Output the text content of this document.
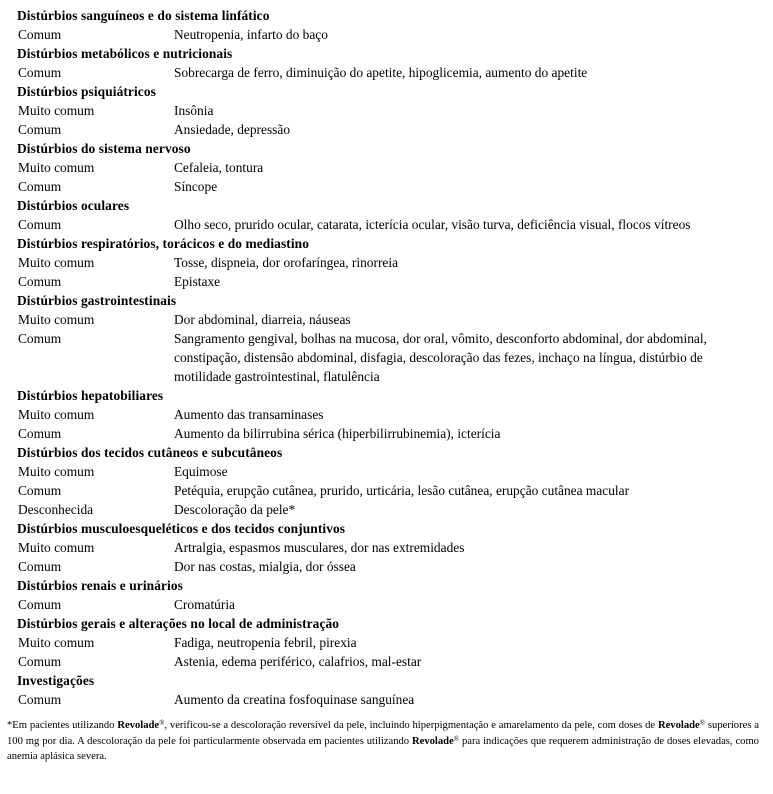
Distúrbios sanguíneos e do sistema linfático
Comum	Neutropenia, infarto do baço
Distúrbios metabólicos e nutricionais
Comum	Sobrecarga de ferro, diminuição do apetite, hipoglicemia, aumento do apetite
Distúrbios psiquiátricos
Muito comum	Insônia
Comum	Ansiedade, depressão
Distúrbios do sistema nervoso
Muito comum	Cefaleia, tontura
Comum	Síncope
Distúrbios oculares
Comum	Olho seco, prurido ocular, catarata, icterícia ocular, visão turva, deficiência visual, flocos vítreos
Distúrbios respiratórios, torácicos e do mediastino
Muito comum	Tosse, dispneia, dor orofaríngea, rinorreia
Comum	Epistaxe
Distúrbios gastrointestinais
Muito comum	Dor abdominal, diarreia, náuseas
Comum	Sangramento gengival, bolhas na mucosa, dor oral, vômito, desconforto abdominal, dor abdominal, constipação, distensão abdominal, disfagia, descoloração das fezes, inchaço na língua, distúrbio de motilidade gastrointestinal, flatulência
Distúrbios hepatobiliares
Muito comum	Aumento das transaminases
Comum	Aumento da bilirrubina sérica (hiperbilirrubinemia), icterícia
Distúrbios dos tecidos cutâneos e subcutâneos
Muito comum	Equimose
Comum	Petéquia, erupção cutânea, prurido, urticária, lesão cutânea, erupção cutânea macular
Desconhecida	Descoloração da pele*
Distúrbios musculoesqueléticos e dos tecidos conjuntivos
Muito comum	Artralgia, espasmos musculares, dor nas extremidades
Comum	Dor nas costas, mialgia, dor óssea
Distúrbios renais e urinários
Comum	Cromatúria
Distúrbios gerais e alterações no local de administração
Muito comum	Fadiga, neutropenia febril, pirexia
Comum	Astenia, edema periférico, calafrios, mal-estar
Investigações
Comum	Aumento da creatina fosfoquinase sanguínea
*Em pacientes utilizando Revolade®, verificou-se a descoloração reversível da pele, incluindo hiperpigmentação e amarelamento da pele, com doses de Revolade® superiores a 100 mg por dia. A descoloração da pele foi particularmente observada em pacientes utilizando Revolade® para indicações que requerem administração de doses elevadas, como anemia aplásica severa.
